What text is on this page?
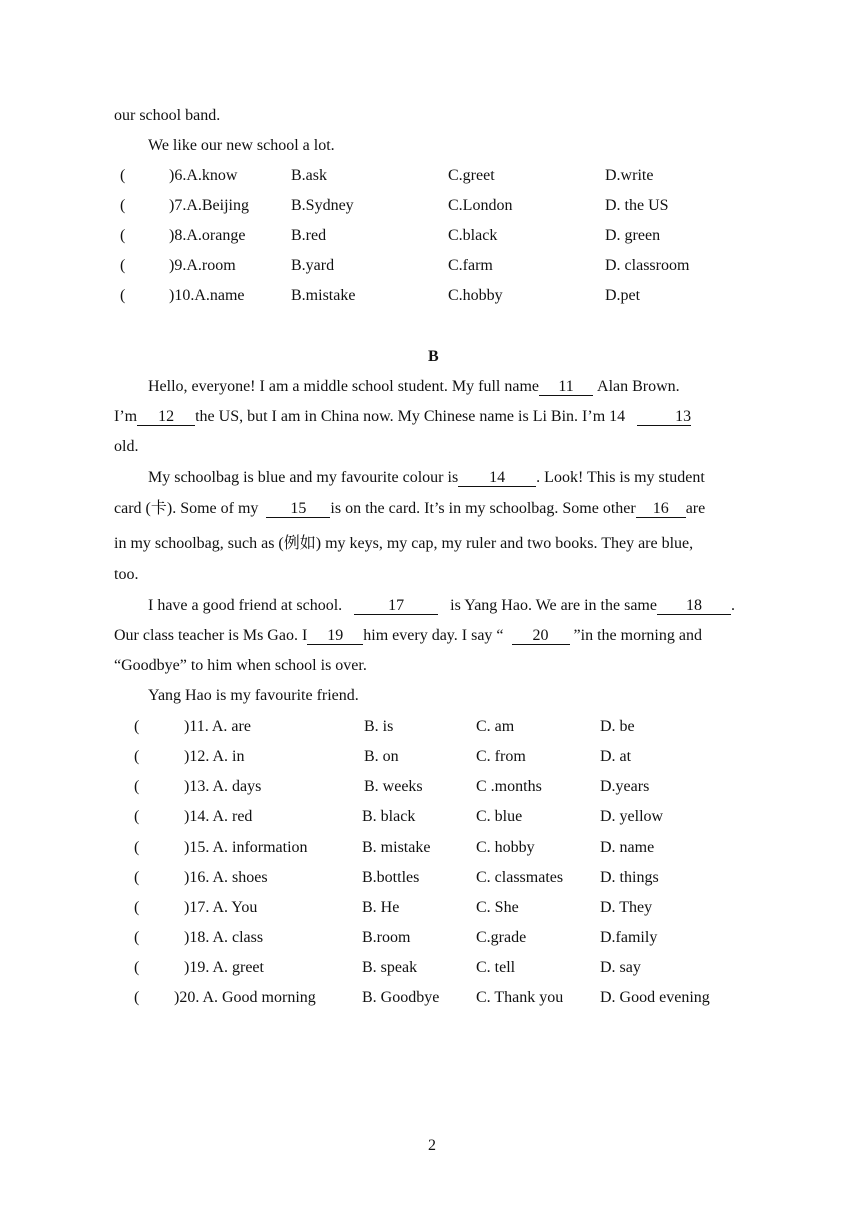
our school band.
We like our new school a lot.
(	)6.A.know	B.ask	C.greet	D.write
(	)7.A.Beijing	B.Sydney	C.London	D. the US
(	)8.A.orange	B.red	C.black	D. green
(	)9.A.room	B.yard	C.farm	D. classroom
(	)10.A.name	B.mistake	C.hobby	D.pet
B
Hello, everyone! I am a middle school student. My full name 11 Alan Brown.
I’m 12 the US, but I am in China now. My Chinese name is Li Bin. I’m 14	13
old.
My schoolbag is blue and my favourite colour is 14 . Look! This is my student
card (卡). Some of my 15 is on the card. It’s in my schoolbag. Some other 16 are
in my schoolbag, such as (例如) my keys, my cap, my ruler and two books. They are blue,
too.
I have a good friend at school.	17	is Yang Hao. We are in the same 18 .
Our class teacher is Ms Gao. I 19 him every day. I say “ 20 ”in the morning and
“Goodbye” to him when school is over.
Yang Hao is my favourite friend.
(	)11. A. are	B. is	C. am	D. be
(	)12. A. in	B. on	C. from	D. at
(	)13. A. days	B. weeks	C .months	D.years
(	)14. A. red	B. black	C. blue	D. yellow
(	)15. A. information	B. mistake	C. hobby	D. name
(	)16. A. shoes	B.bottles	C. classmates D. things
(	)17. A. You	B. He	C. She	D. They
(	)18. A. class	B.room	C.grade	D.family
(	)19. A. greet	B. speak	C. tell	D. say
( )20. A. Good morning	B. Goodbye C. Thank you D. Good evening
2
